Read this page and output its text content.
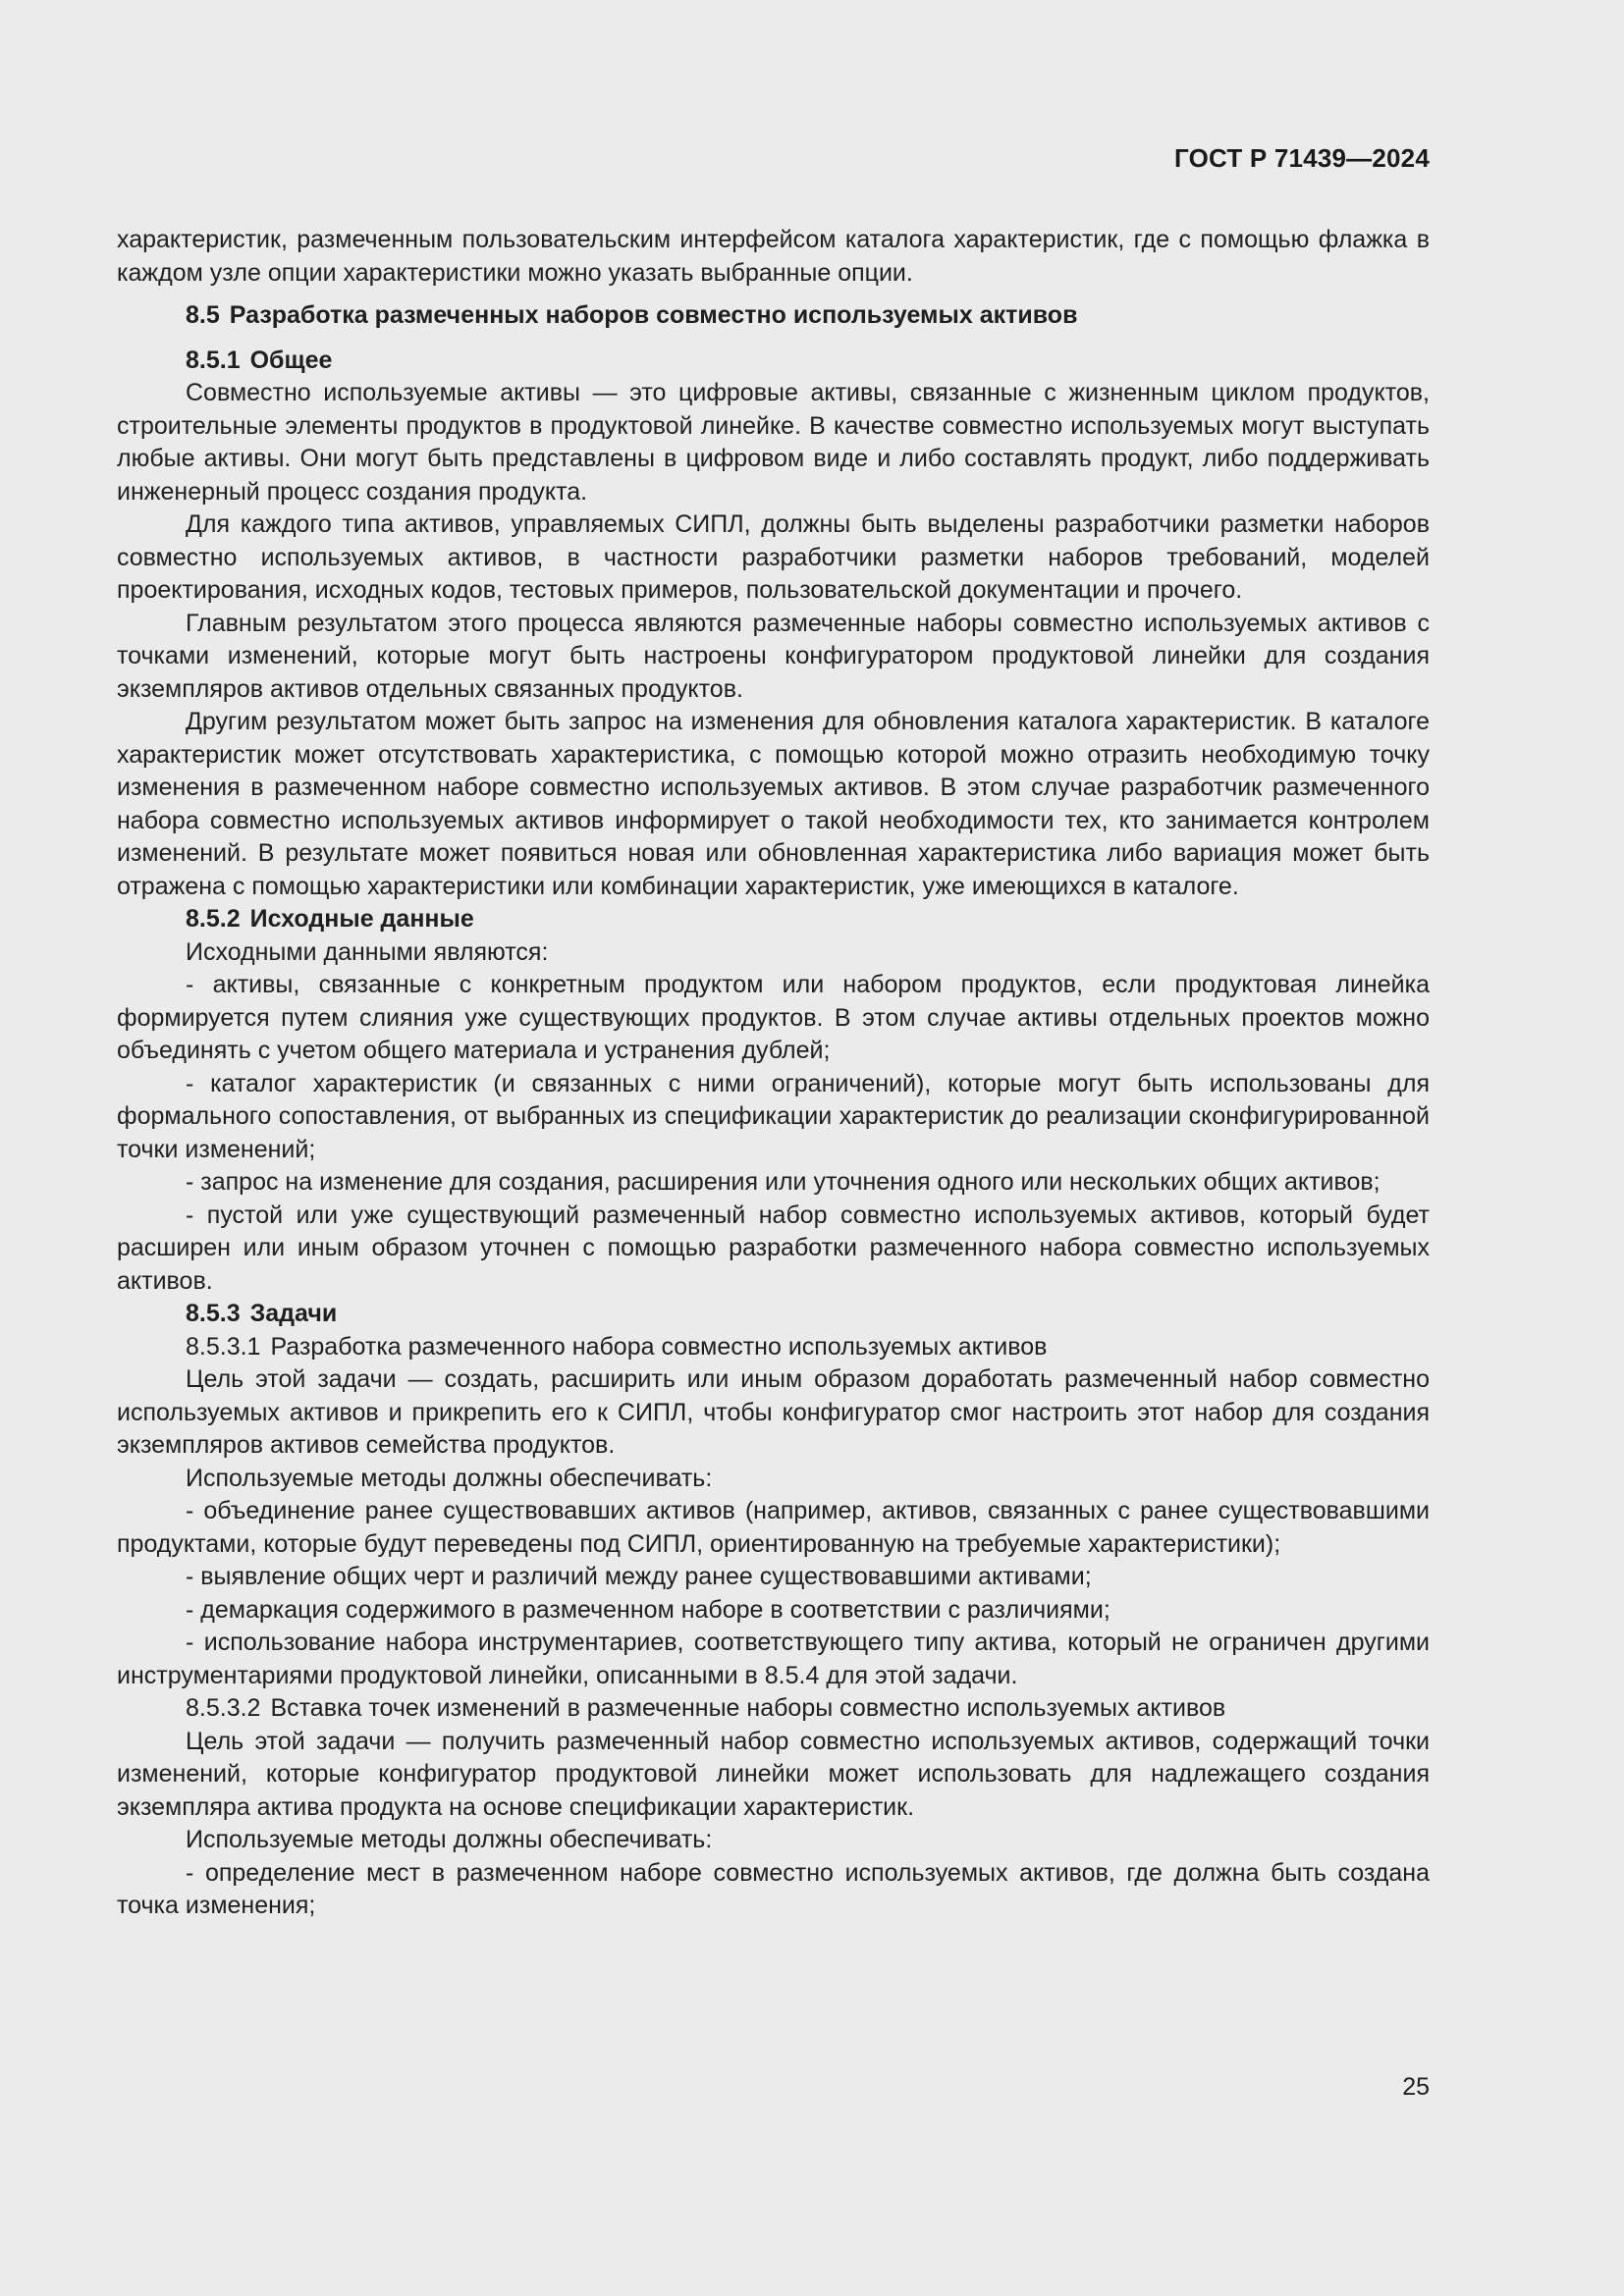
ГОСТ Р 71439—2024

характеристик, размеченным пользовательским интерфейсом каталога характеристик, где с помощью флажка в каждом узле опции характеристики можно указать выбранные опции.

8.5 Разработка размеченных наборов совместно используемых активов

8.5.1 Общее

Совместно используемые активы — это цифровые активы, связанные с жизненным циклом продуктов, строительные элементы продуктов в продуктовой линейке. В качестве совместно используемых могут выступать любые активы. Они могут быть представлены в цифровом виде и либо составлять продукт, либо поддерживать инженерный процесс создания продукта.

Для каждого типа активов, управляемых СИПЛ, должны быть выделены разработчики разметки наборов совместно используемых активов, в частности разработчики разметки наборов требований, моделей проектирования, исходных кодов, тестовых примеров, пользовательской документации и прочего.

Главным результатом этого процесса являются размеченные наборы совместно используемых активов с точками изменений, которые могут быть настроены конфигуратором продуктовой линейки для создания экземпляров активов отдельных связанных продуктов.

Другим результатом может быть запрос на изменения для обновления каталога характеристик. В каталоге характеристик может отсутствовать характеристика, с помощью которой можно отразить необходимую точку изменения в размеченном наборе совместно используемых активов. В этом случае разработчик размеченного набора совместно используемых активов информирует о такой необходимости тех, кто занимается контролем изменений. В результате может появиться новая или обновленная характеристика либо вариация может быть отражена с помощью характеристики или комбинации характеристик, уже имеющихся в каталоге.

8.5.2 Исходные данные

Исходными данными являются:

- активы, связанные с конкретным продуктом или набором продуктов, если продуктовая линейка формируется путем слияния уже существующих продуктов. В этом случае активы отдельных проектов можно объединять с учетом общего материала и устранения дублей;

- каталог характеристик (и связанных с ними ограничений), которые могут быть использованы для формального сопоставления, от выбранных из спецификации характеристик до реализации сконфигурированной точки изменений;

- запрос на изменение для создания, расширения или уточнения одного или нескольких общих активов;

- пустой или уже существующий размеченный набор совместно используемых активов, который будет расширен или иным образом уточнен с помощью разработки размеченного набора совместно используемых активов.

8.5.3 Задачи

8.5.3.1 Разработка размеченного набора совместно используемых активов

Цель этой задачи — создать, расширить или иным образом доработать размеченный набор совместно используемых активов и прикрепить его к СИПЛ, чтобы конфигуратор смог настроить этот набор для создания экземпляров активов семейства продуктов.

Используемые методы должны обеспечивать:

- объединение ранее существовавших активов (например, активов, связанных с ранее существовавшими продуктами, которые будут переведены под СИПЛ, ориентированную на требуемые характеристики);

- выявление общих черт и различий между ранее существовавшими активами;

- демаркация содержимого в размеченном наборе в соответствии с различиями;

- использование набора инструментариев, соответствующего типу актива, который не ограничен другими инструментариями продуктовой линейки, описанными в 8.5.4 для этой задачи.

8.5.3.2 Вставка точек изменений в размеченные наборы совместно используемых активов

Цель этой задачи — получить размеченный набор совместно используемых активов, содержащий точки изменений, которые конфигуратор продуктовой линейки может использовать для надлежащего создания экземпляра актива продукта на основе спецификации характеристик.

Используемые методы должны обеспечивать:

- определение мест в размеченном наборе совместно используемых активов, где должна быть создана точка изменения;

25
